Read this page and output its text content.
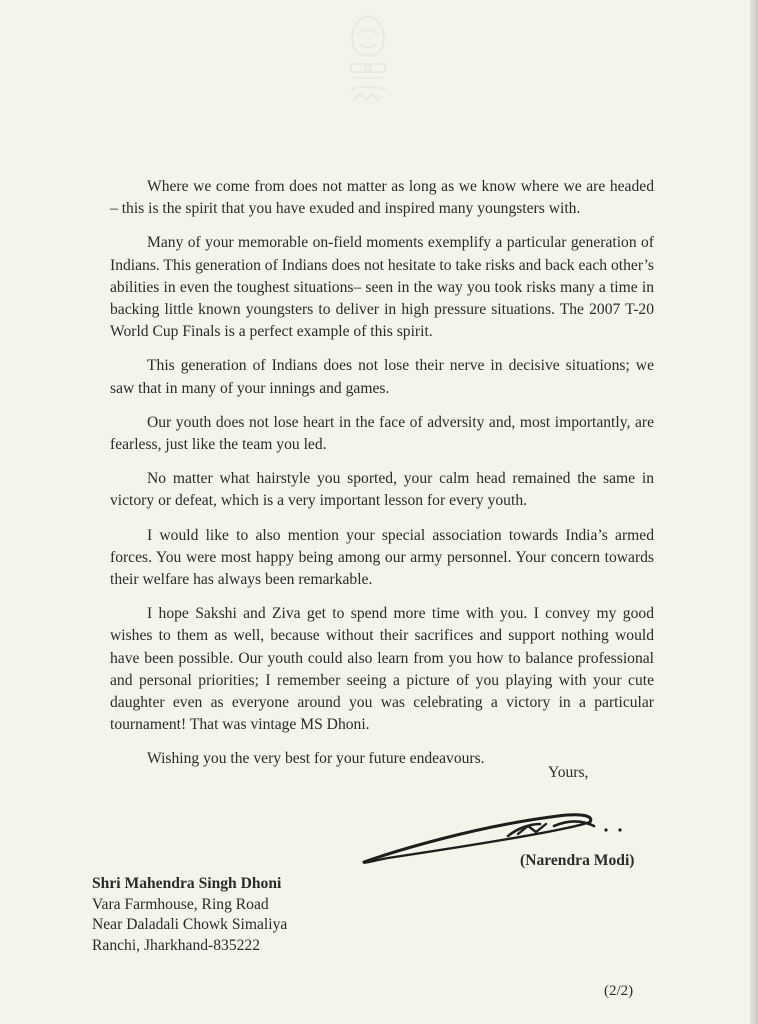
Where we come from does not matter as long as we know where we are headed – this is the spirit that you have exuded and inspired many youngsters with.

Many of your memorable on-field moments exemplify a particular generation of Indians. This generation of Indians does not hesitate to take risks and back each other’s abilities in even the toughest situations– seen in the way you took risks many a time in backing little known youngsters to deliver in high pressure situations. The 2007 T-20 World Cup Finals is a perfect example of this spirit.

This generation of Indians does not lose their nerve in decisive situations; we saw that in many of your innings and games.

Our youth does not lose heart in the face of adversity and, most importantly, are fearless, just like the team you led.

No matter what hairstyle you sported, your calm head remained the same in victory or defeat, which is a very important lesson for every youth.

I would like to also mention your special association towards India’s armed forces. You were most happy being among our army personnel. Your concern towards their welfare has always been remarkable.

I hope Sakshi and Ziva get to spend more time with you. I convey my good wishes to them as well, because without their sacrifices and support nothing would have been possible. Our youth could also learn from you how to balance professional and personal priorities; I remember seeing a picture of you playing with your cute daughter even as everyone around you was celebrating a victory in a particular tournament! That was vintage MS Dhoni.

Wishing you the very best for your future endeavours.

Yours,
(Narendra Modi)
Shri Mahendra Singh Dhoni
Vara Farmhouse, Ring Road
Near Daladali Chowk Simaliya
Ranchi, Jharkhand-835222
(2/2)
